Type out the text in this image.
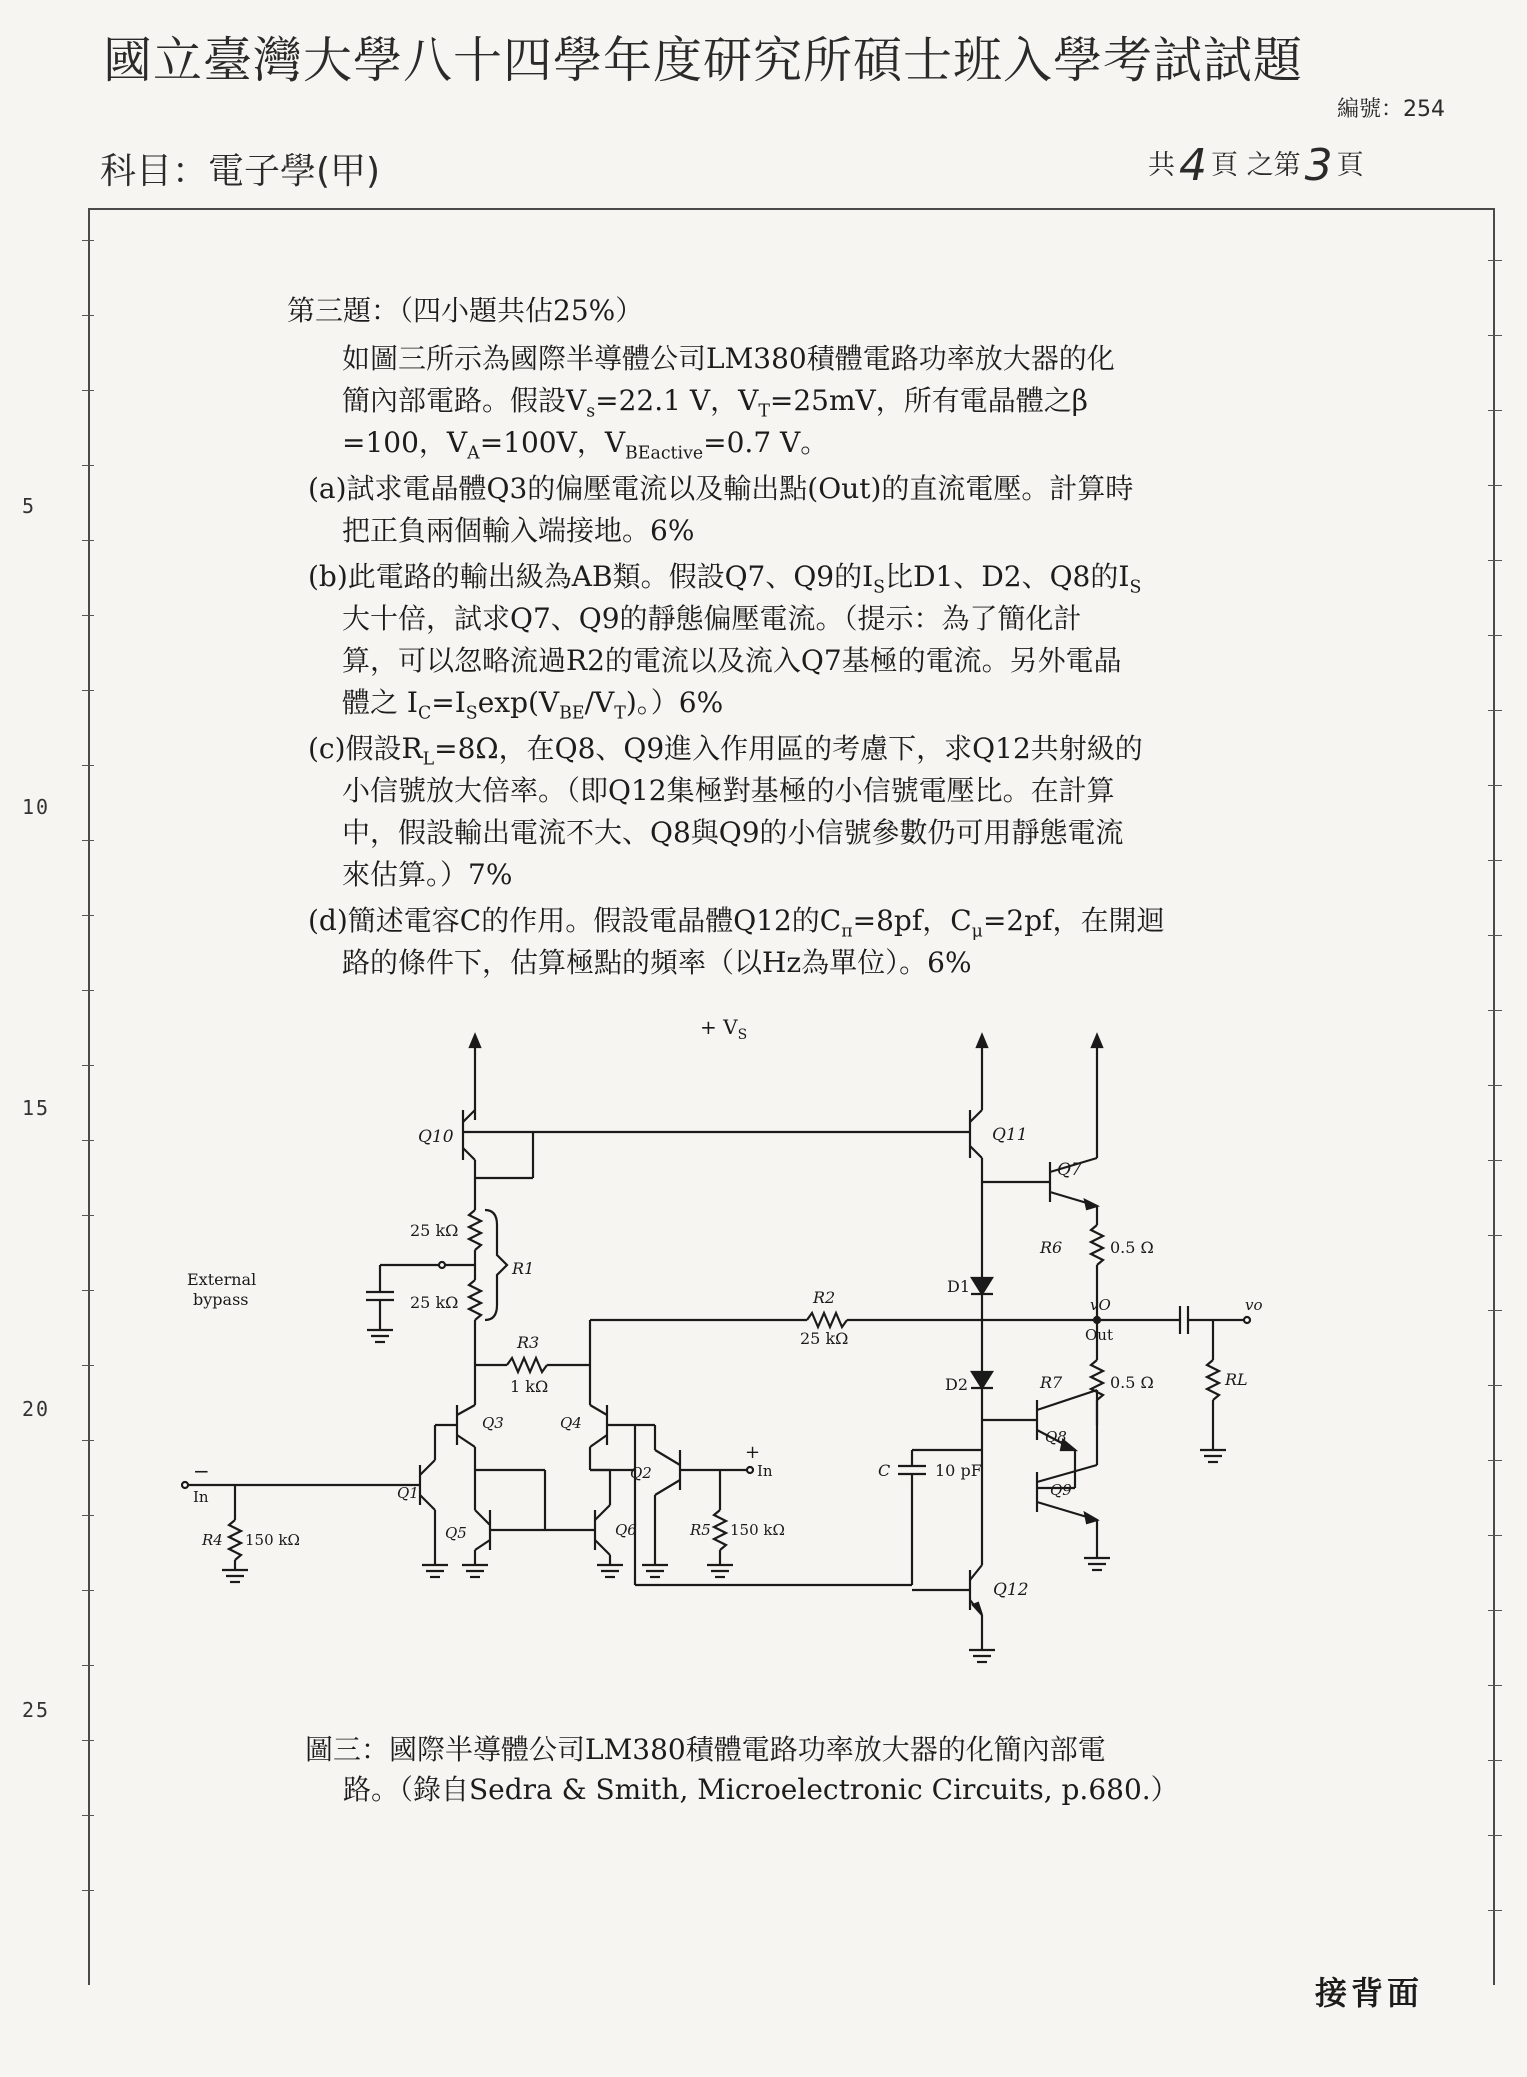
國立臺灣大學八十四學年度研究所碩士班入學考試試題
編號：254
科目：電子學(甲)	共4 頁 之第3 頁
5
10
15
20
25
第三題：（四小題共佔25%）
如圖三所示為國際半導體公司LM380積體電路功率放大器的化
簡內部電路。假設$V_s=22.1$ V，$V_T=25mV$，所有電晶體之β
=100，$V_A=100V$，$V_{BEactive}=0.7$ V。
(a)試求電晶體Q3的偏壓電流以及輸出點(Out)的直流電壓。計算時
把正負兩個輸入端接地。6%
(b)此電路的輸出級為AB類。假設Q7、Q9的$I_S$比D1、D2、Q8的$I_S$
大十倍，試求Q7、Q9的靜態偏壓電流。（提示：為了簡化計
算，可以忽略流過R2的電流以及流入Q7基極的電流。另外電晶
體之 $I_C=I_S\exp(V_{BE}/V_T)$。）6%
(c)假設$R_L=8\Omega$，在Q8、Q9進入作用區的考慮下，求Q12共射級的
小信號放大倍率。（即Q12集極對基極的小信號電壓比。在計算
中，假設輸出電流不大、Q8與Q9的小信號參數仍可用靜態電流
來估算。）7%
(d)簡述電容C的作用。假設電晶體Q12的$C_\pi=8pf$，$C_\mu=2pf$，在開迴
路的條件下，估算極點的頻率（以Hz為單位）。6%
+ $V_S$
Q10	Q11
Q7
R6	0.5 Ω
D1
R2
25 kΩ
vO
Out
vo
RL
R7	0.5 Ω
D2
Q8
Q9
C	10 pF
Q12
25 kΩ
25 kΩ
R1
External
bypass
R3
1 kΩ
Q3	Q4
Q1
−
In
R4 150 kΩ	Q5	Q6
Q2
+
In
R5 150 kΩ
圖三：國際半導體公司LM380積體電路功率放大器的化簡內部電
路。（錄自Sedra & Smith, Microelectronic Circuits, p.680.）
接背面
